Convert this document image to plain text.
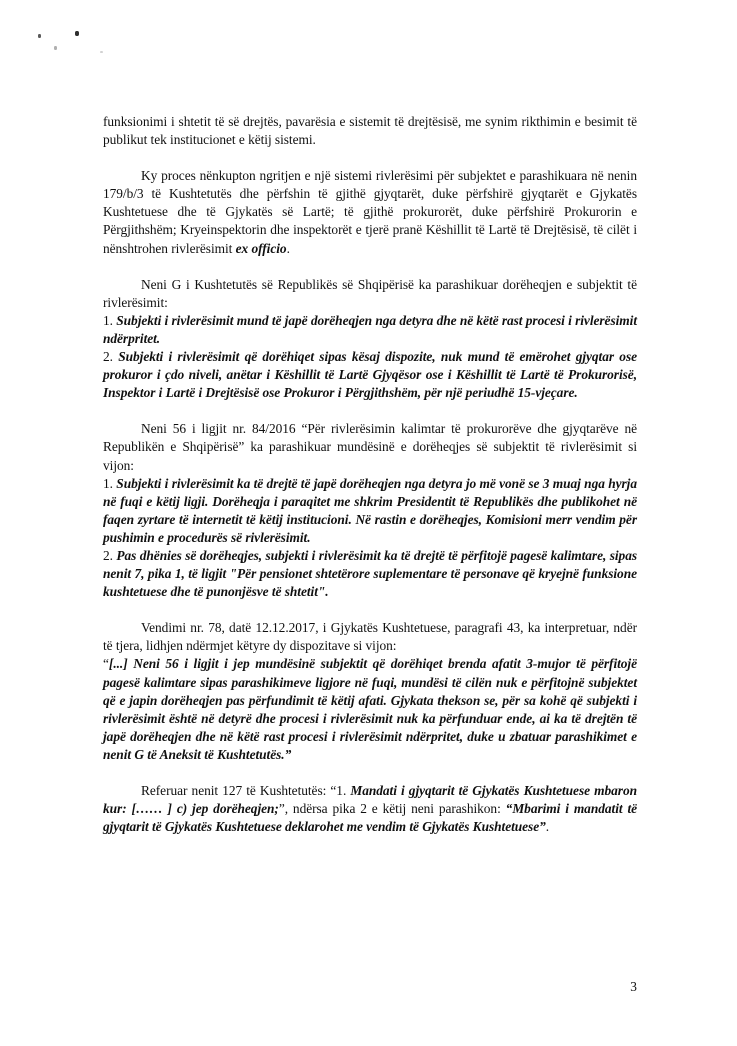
funksionimi i shtetit të së drejtës, pavarësia e sistemit të drejtësisë, me synim rikthimin e besimit të publikut tek institucionet e këtij sistemi.

Ky proces nënkupton ngritjen e një sistemi rivlerësimi për subjektet e parashikuara në nenin 179/b/3 të Kushtetutës dhe përfshin të gjithë gjyqtarët, duke përfshirë gjyqtarët e Gjykatës Kushtetuese dhe të Gjykatës së Lartë; të gjithë prokurorët, duke përfshirë Prokurorin e Përgjithshëm; Kryeinspektorin dhe inspektorët e tjerë pranë Këshillit të Lartë të Drejtësisë, të cilët i nënshtrohen rivlerësimit ex officio.

Neni G i Kushtetutës së Republikës së Shqipërisë ka parashikuar dorëheqjen e subjektit të rivlerësimit:

1. Subjekti i rivlerësimit mund të japë dorëheqjen nga detyra dhe në këtë rast procesi i rivlerësimit ndërpritet.

2. Subjekti i rivlerësimit që dorëhiqet sipas kësaj dispozite, nuk mund të emërohet gjyqtar ose prokuror i çdo niveli, anëtar i Këshillit të Lartë Gjyqësor ose i Këshillit të Lartë të Prokurorisë, Inspektor i Lartë i Drejtësisë ose Prokuror i Përgjithshëm, për një periudhë 15-vjeçare.

Neni 56 i ligjit nr. 84/2016 “Për rivlerësimin kalimtar të prokurorëve dhe gjyqtarëve në Republikën e Shqipërisë” ka parashikuar mundësinë e dorëheqjes së subjektit të rivlerësimit si vijon:

1. Subjekti i rivlerësimit ka të drejtë të japë dorëheqjen nga detyra jo më vonë se 3 muaj nga hyrja në fuqi e këtij ligji. Dorëheqja i paraqitet me shkrim Presidentit të Republikës dhe publikohet në faqen zyrtare të internetit të këtij institucioni. Në rastin e dorëheqjes, Komisioni merr vendim për pushimin e procedurës së rivlerësimit.

2. Pas dhënies së dorëheqjes, subjekti i rivlerësimit ka të drejtë të përfitojë pagesë kalimtare, sipas nenit 7, pika 1, të ligjit "Për pensionet shtetërore suplementare të personave që kryejnë funksione kushtetuese dhe të punonjësve të shtetit".

Vendimi nr. 78, datë 12.12.2017, i Gjykatës Kushtetuese, paragrafi 43, ka interpretuar, ndër të tjera, lidhjen ndërmjet këtyre dy dispozitave si vijon:

“[...] Neni 56 i ligjit i jep mundësinë subjektit që dorëhiqet brenda afatit 3-mujor të përfitojë pagesë kalimtare sipas parashikimeve ligjore në fuqi, mundësi të cilën nuk e përfitojnë subjektet që e japin dorëheqjen pas përfundimit të këtij afati. Gjykata thekson se, për sa kohë që subjekti i rivlerësimit është në detyrë dhe procesi i rivlerësimit nuk ka përfunduar ende, ai ka të drejtën të japë dorëheqjen dhe në këtë rast procesi i rivlerësimit ndërpritet, duke u zbatuar parashikimet e nenit G të Aneksit të Kushtetutës.”

Referuar nenit 127 të Kushtetutës: “1. Mandati i gjyqtarit të Gjykatës Kushtetuese mbaron kur: […… ] c) jep dorëheqjen;”, ndërsa pika 2 e këtij neni parashikon: “Mbarimi i mandatit të gjyqtarit të Gjykatës Kushtetuese deklarohet me vendim të Gjykatës Kushtetuese”.

3
